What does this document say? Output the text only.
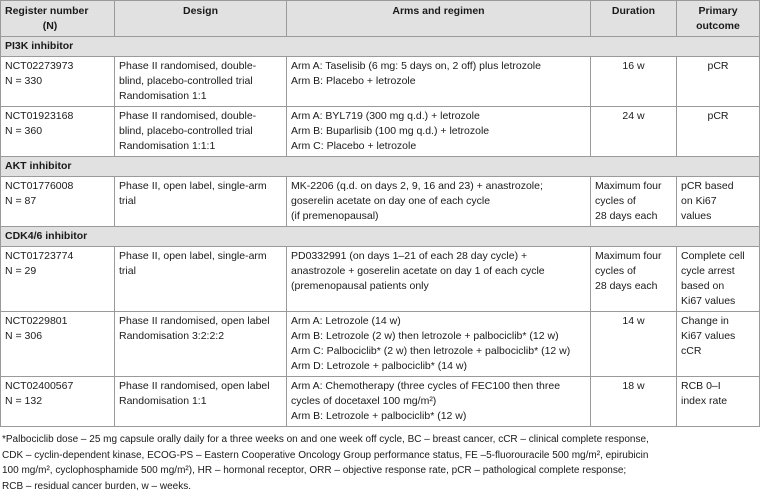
Register number
(N)	Design	Arms and regimen	Duration	Primary
outcome

PI3K inhibitor				

NCT02273973
N = 330	Phase II randomised, double-
blind, placebo-controlled trial
Randomisation 1:1	Arm A: Taselisib (6 mg: 5 days on, 2 off) plus letrozole
Arm B: Placebo + letrozole	16 w	pCR

NCT01923168
N = 360	Phase II randomised, double-
blind, placebo-controlled trial
Randomisation 1:1:1	Arm A: BYL719 (300 mg q.d.) + letrozole
Arm B: Buparlisib (100 mg q.d.) + letrozole
Arm C: Placebo + letrozole	24 w	pCR

AKT inhibitor				

NCT01776008
N = 87	Phase II, open label, single-arm
trial	MK-2206 (q.d. on days 2, 9, 16 and 23) + anastrozole;
goserelin acetate on day one of each cycle
(if premenopausal)	Maximum four
cycles of
28 days each	pCR based
on Ki67
values

CDK4/6 inhibitor				

NCT01723774
N = 29	Phase II, open label, single-arm
trial	PD0332991 (on days 1–21 of each 28 day cycle) +
anastrozole + goserelin acetate on day 1 of each cycle
(premenopausal patients only	Maximum four
cycles of
28 days each	Complete cell
cycle arrest
based on
Ki67 values

NCT0229801
N = 306	Phase II randomised, open label
Randomisation 3:2:2:2	Arm A: Letrozole (14 w)
Arm B: Letrozole (2 w) then letrozole + palbociclib* (12 w)
Arm C: Palbociclib* (2 w) then letrozole + palbociclib* (12 w)
Arm D: Letrozole + palbociclib* (14 w)	14 w	Change in
Ki67 values
cCR

NCT02400567
N = 132	Phase II randomised, open label
Randomisation 1:1	Arm A: Chemotherapy (three cycles of FEC100 then three
cycles of docetaxel 100 mg/m²)
Arm B: Letrozole + palbociclib* (12 w)	18 w	RCB 0–I
index rate
*Palbociclib dose – 25 mg capsule orally daily for a three weeks on and one week off cycle, BC – breast cancer, cCR – clinical complete response,
CDK – cyclin-dependent kinase, ECOG-PS – Eastern Cooperative Oncology Group performance status, FE –5-fluorouracile 500 mg/m², epirubicin
100 mg/m², cyclophosphamide 500 mg/m²), HR – hormonal receptor, ORR – objective response rate, pCR – pathological complete response;
RCB – residual cancer burden, w – weeks.
